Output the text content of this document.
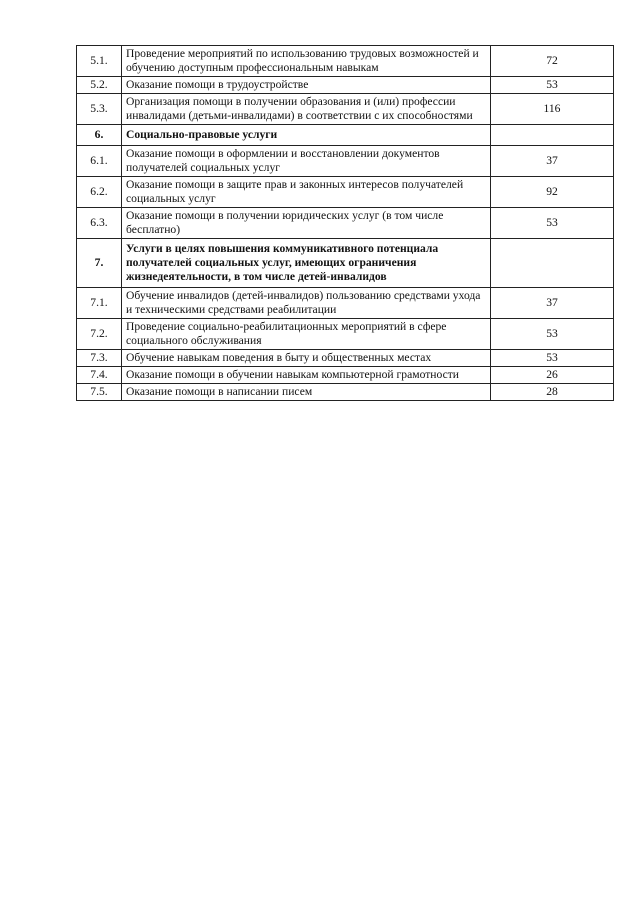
5.1.	Проведение мероприятий по использованию трудовых возможностей и обучению доступным профессиональным навыкам	72
5.2.	Оказание помощи в трудоустройстве	53
5.3.	Организация помощи в получении образования и (или) профессии инвалидами (детьми-инвалидами) в соответствии с их способностями	116
6.	Социально-правовые услуги	
6.1.	Оказание помощи в оформлении и восстановлении документов получателей социальных услуг	37
6.2.	Оказание помощи в защите прав и законных интересов получателей социальных услуг	92
6.3.	Оказание помощи в получении юридических услуг (в том числе бесплатно)	53
7.	Услуги в целях повышения коммуникативного потенциала получателей социальных услуг, имеющих ограничения жизнедеятельности, в том числе детей-инвалидов	
7.1.	Обучение инвалидов (детей-инвалидов) пользованию средствами ухода и техническими средствами реабилитации	37
7.2.	Проведение социально-реабилитационных мероприятий в сфере социального обслуживания	53
7.3.	Обучение навыкам поведения в быту и общественных местах	53
7.4.	Оказание помощи в обучении навыкам компьютерной грамотности	26
7.5.	Оказание помощи в написании писем	28
